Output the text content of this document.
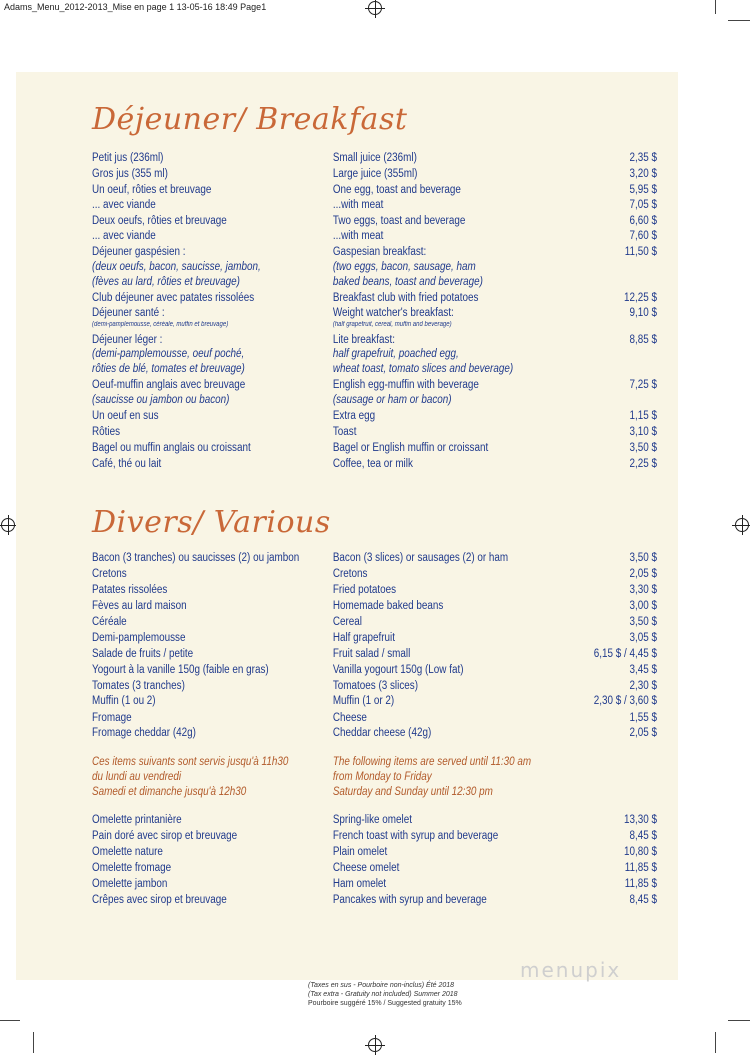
Adams_Menu_2012-2013_Mise en page 1 13-05-16 18:49 Page1
Déjeuner/ Breakfast
Petit jus (236ml)	Small juice (236ml)	2,35 $
Gros jus (355 ml)	Large juice (355ml)	3,20 $
Un oeuf, rôties et breuvage	One egg, toast and beverage	5,95 $
... avec viande	...with meat	7,05 $
Deux oeufs, rôties et breuvage	Two eggs, toast and beverage	6,60 $
... avec viande	...with meat	7,60 $
Déjeuner gaspésien :	Gaspesian breakfast:	11,50 $
(deux oeufs, bacon, saucisse, jambon,	(two eggs, bacon, sausage, ham
(fèves au lard, rôties et breuvage)	baked beans, toast and beverage)
Club déjeuner avec patates rissolées	Breakfast club with fried potatoes	12,25 $
Déjeuner santé :	Weight watcher's breakfast:	9,10 $
(demi-pamplemousse, céréale, muffin et breuvage)	(half grapefruit, cereal, muffin and beverage)
Déjeuner léger :	Lite breakfast:	8,85 $
(demi-pamplemousse, oeuf poché,	half grapefruit, poached egg,
rôties de blé, tomates et breuvage)	wheat toast, tomato slices and beverage)
Oeuf-muffin anglais avec breuvage	English egg-muffin with beverage	7,25 $
(saucisse ou jambon ou bacon)	(sausage or ham or bacon)
Un oeuf en sus	Extra egg	1,15 $
Rôties	Toast	3,10 $
Bagel ou muffin anglais ou croissant	Bagel or English muffin or croissant	3,50 $
Café, thé ou lait	Coffee, tea or milk	2,25 $
Divers/ Various
Bacon (3 tranches) ou saucisses (2) ou jambon	Bacon (3 slices) or sausages (2) or ham	3,50 $
Cretons	Cretons	2,05 $
Patates rissolées	Fried potatoes	3,30 $
Fèves au lard maison	Homemade baked beans	3,00 $
Céréale	Cereal	3,50 $
Demi-pamplemousse	Half grapefruit	3,05 $
Salade de fruits / petite	Fruit salad / small	6,15 $ / 4,45 $
Yogourt à la vanille 150g (faible en gras)	Vanilla yogourt 150g (Low fat)	3,45 $
Tomates (3 tranches)	Tomatoes (3 slices)	2,30 $
Muffin (1 ou 2)	Muffin (1 or 2)	2,30 $ / 3,60 $
Fromage	Cheese	1,55 $
Fromage cheddar (42g)	Cheddar cheese (42g)	2,05 $
Ces items suivants sont servis jusqu'à 11h30	The following items are served until 11:30 am
du lundi au vendredi	from Monday to Friday
Samedi et dimanche jusqu'à 12h30	Saturday and Sunday until 12:30 pm
Omelette printanière	Spring-like omelet	13,30 $
Pain doré avec sirop et breuvage	French toast with syrup and beverage	8,45 $
Omelette nature	Plain omelet	10,80 $
Omelette fromage	Cheese omelet	11,85 $
Omelette jambon	Ham omelet	11,85 $
Crêpes avec sirop et breuvage	Pancakes with syrup and beverage	8,45 $
menupix
(Taxes en sus - Pourboire non-inclus) Été 2018
(Tax extra - Gratuity not included) Summer 2018
Pourboire suggéré 15% / Suggested gratuity 15%
